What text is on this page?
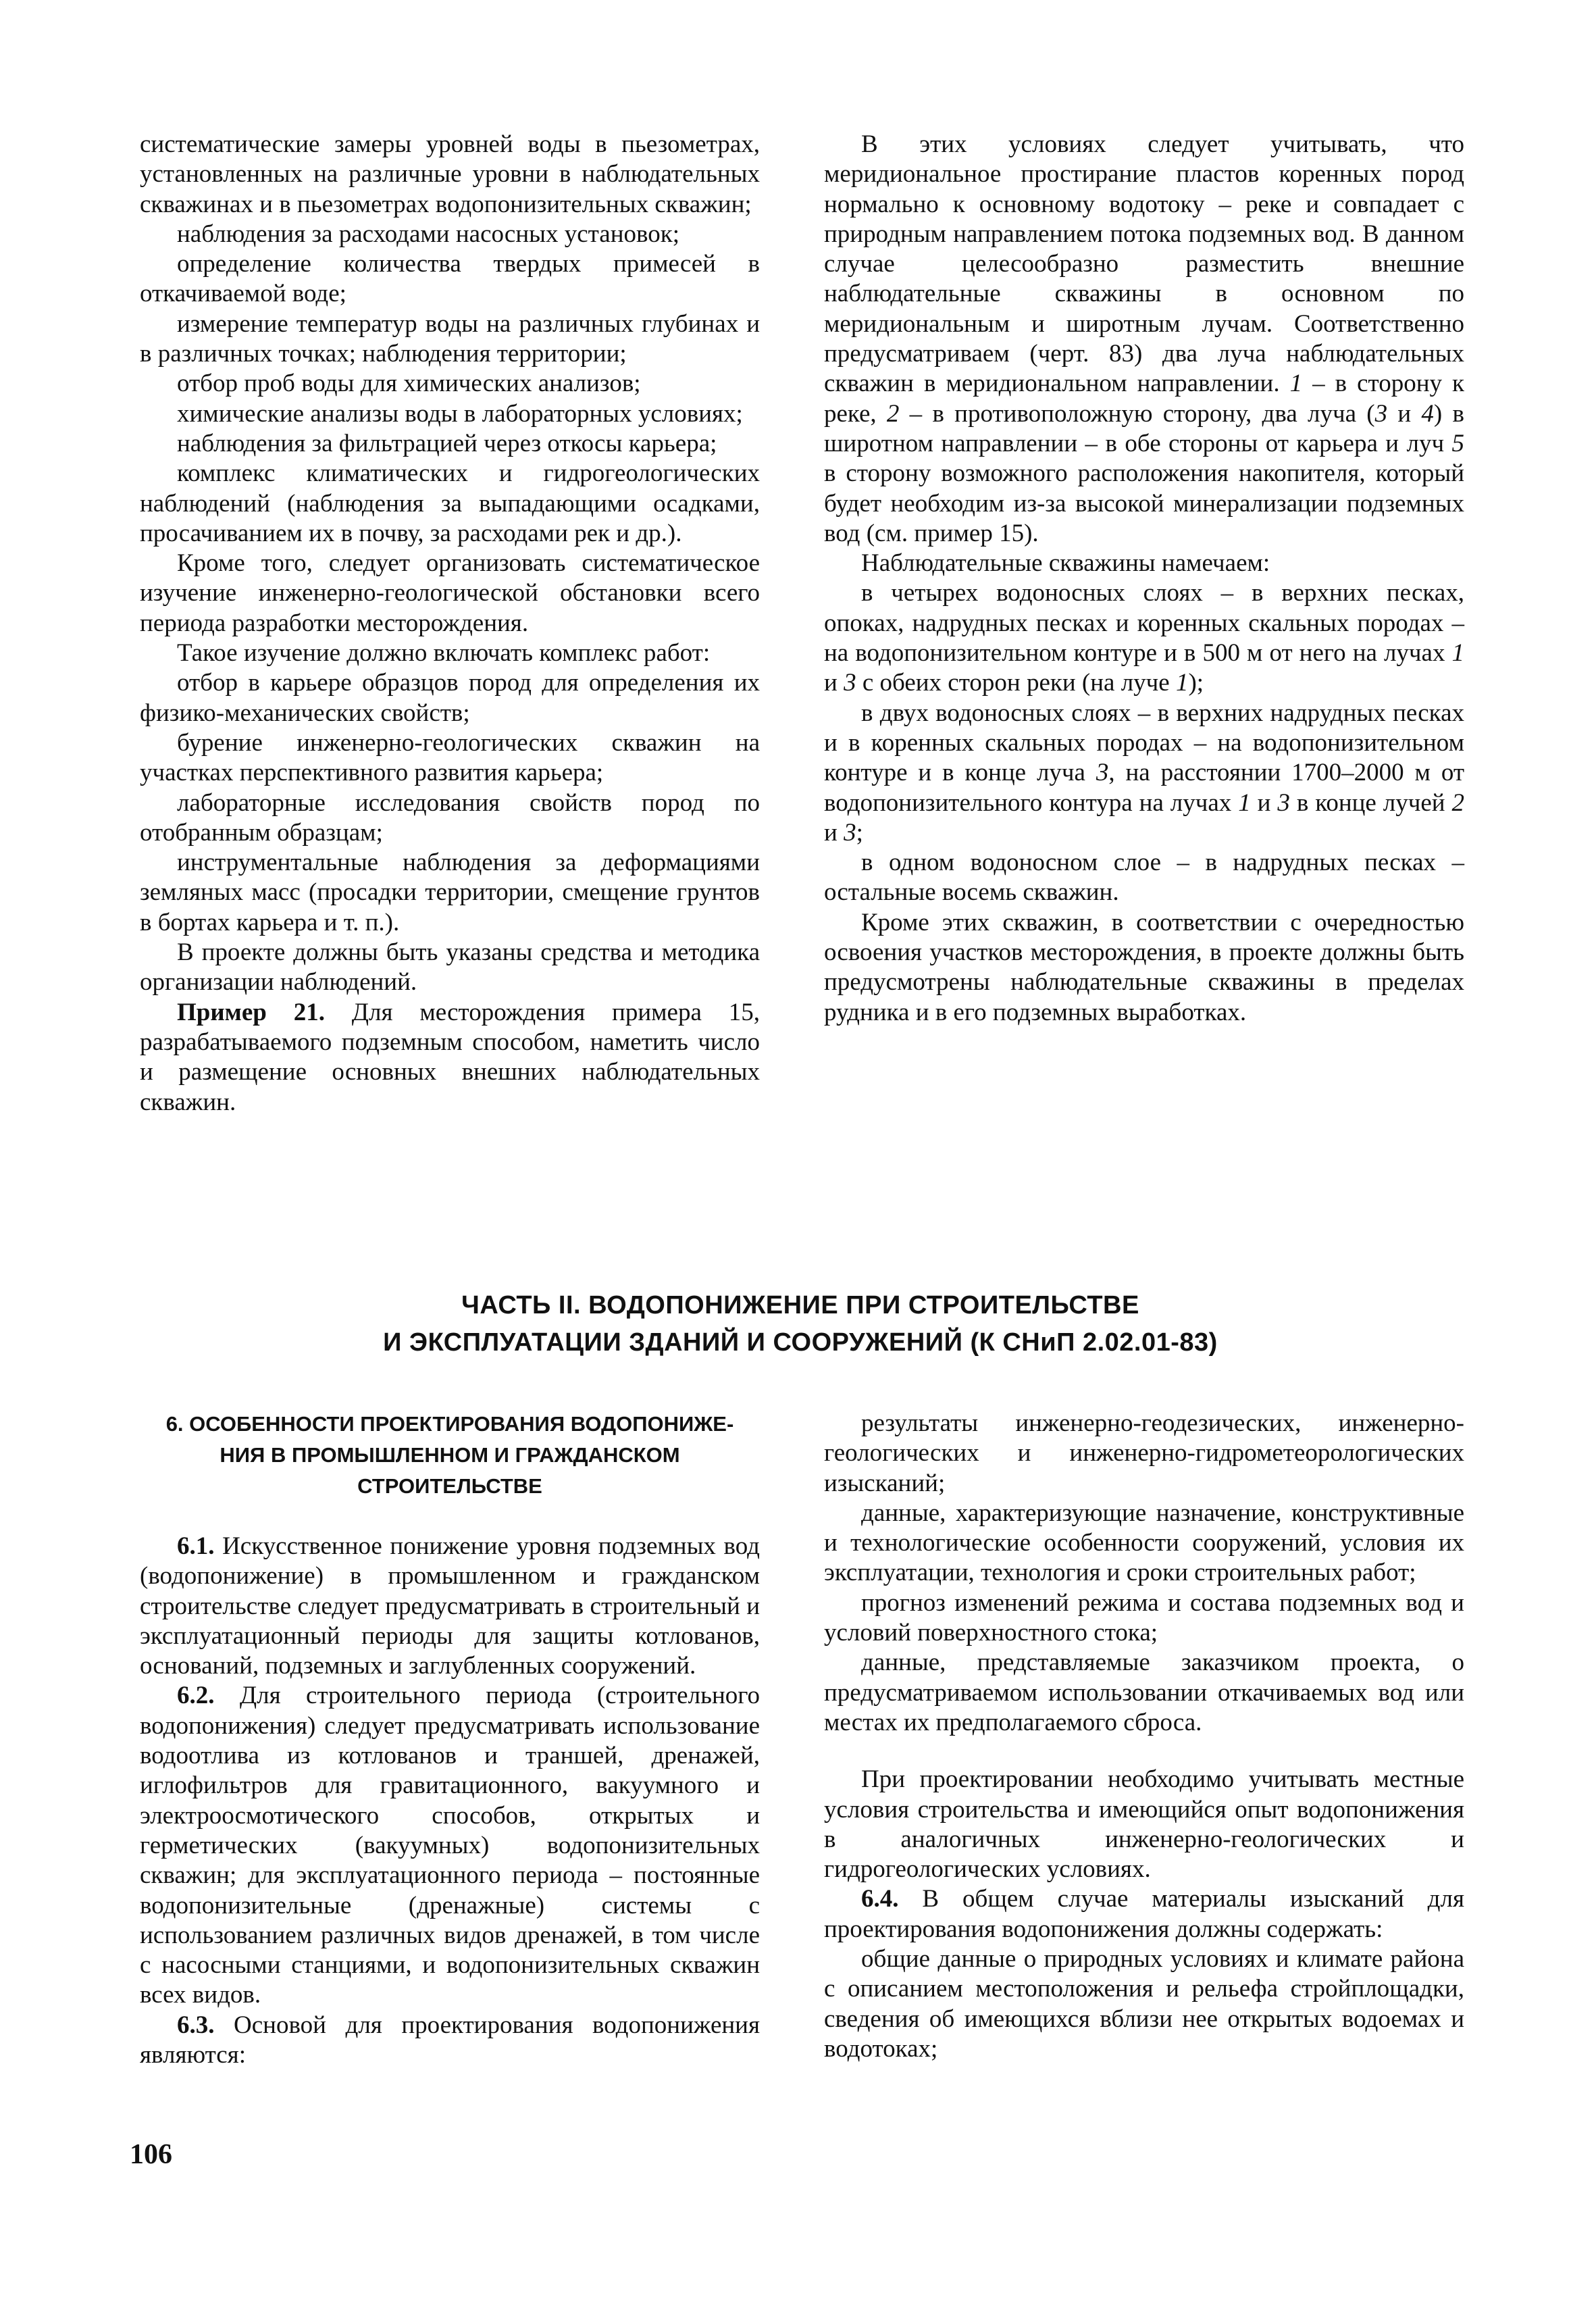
систематические замеры уровней воды в пьезометрах, установленных на различные уровни в наблюдательных скважинах и в пьезометрах водопонизительных скважин;

наблюдения за расходами насосных установок;

определение количества твердых примесей в откачиваемой воде;

измерение температур воды на различных глубинах и в различных точках; наблюдения территории;

отбор проб воды для химических анализов;

химические анализы воды в лабораторных условиях;

наблюдения за фильтрацией через откосы карьера;

комплекс климатических и гидрогеологических наблюдений (наблюдения за выпадающими осадками, просачиванием их в почву, за расходами рек и др.).

Кроме того, следует организовать систематическое изучение инженерно-геологической обстановки всего периода разработки месторождения.

Такое изучение должно включать комплекс работ:

отбор в карьере образцов пород для определения их физико-механических свойств;

бурение инженерно-геологических скважин на участках перспективного развития карьера;

лабораторные исследования свойств пород по отобранным образцам;

инструментальные наблюдения за деформациями земляных масс (просадки территории, смещение грунтов в бортах карьера и т. п.).

В проекте должны быть указаны средства и методика организации наблюдений.

Пример 21. Для месторождения примера 15, разрабатываемого подземным способом, наметить число и размещение основных внешних наблюдательных скважин.

В этих условиях следует учитывать, что меридиональное простирание пластов коренных пород нормально к основному водотоку – реке и совпадает с природным направлением потока подземных вод. В данном случае целесообразно разместить внешние наблюдательные скважины в основном по меридиональным и широтным лучам. Соответственно предусматриваем (черт. 83) два луча наблюдательных скважин в меридиональном направлении. 1 – в сторону к реке, 2 – в противоположную сторону, два луча (3 и 4) в широтном направлении – в обе стороны от карьера и луч 5 в сторону возможного расположения накопителя, который будет необходим из-за высокой минерализации подземных вод (см. пример 15).

Наблюдательные скважины намечаем:

в четырех водоносных слоях – в верхних песках, опоках, надрудных песках и коренных скальных породах – на водопонизительном контуре и в 500 м от него на лучах 1 и 3 с обеих сторон реки (на луче 1);

в двух водоносных слоях – в верхних надрудных песках и в коренных скальных породах – на водопонизительном контуре и в конце луча 3, на расстоянии 1700–2000 м от водопонизительного контура на лучах 1 и 3 в конце лучей 2 и 3;

в одном водоносном слое – в надрудных песках – остальные восемь скважин.

Кроме этих скважин, в соответствии с очередностью освоения участков месторождения, в проекте должны быть предусмотрены наблюдательные скважины в пределах рудника и в его подземных выработках.

ЧАСТЬ II. ВОДОПОНИЖЕНИЕ ПРИ СТРОИТЕЛЬСТВЕ
И ЭКСПЛУАТАЦИИ ЗДАНИЙ И СООРУЖЕНИЙ (К СНиП 2.02.01-83)
6. ОСОБЕННОСТИ ПРОЕКТИРОВАНИЯ ВОДОПОНИЖЕ-
НИЯ В ПРОМЫШЛЕННОМ И ГРАЖДАНСКОМ
СТРОИТЕЛЬСТВЕ

6.1. Искусственное понижение уровня подземных вод (водопонижение) в промышленном и гражданском строительстве следует предусматривать в строительный и эксплуатационный периоды для защиты котлованов, оснований, подземных и заглубленных сооружений.

6.2. Для строительного периода (строительного водопонижения) следует предусматривать использование водоотлива из котлованов и траншей, дренажей, иглофильтров для гравитационного, вакуумного и электроосмотического способов, открытых и герметических (вакуумных) водопонизительных скважин; для эксплуатационного периода – постоянные водопонизительные (дренажные) системы с использованием различных видов дренажей, в том числе с насосными станциями, и водопонизительных скважин всех видов.

6.3. Основой для проектирования водопонижения являются:

результаты инженерно-геодезических, инженерно-геологических и инженерно-гидрометеорологических изысканий;

данные, характеризующие назначение, конструктивные и технологические особенности сооружений, условия их эксплуатации, технология и сроки строительных работ;

прогноз изменений режима и состава подземных вод и условий поверхностного стока;

данные, представляемые заказчиком проекта, о предусматриваемом использовании откачиваемых вод или местах их предполагаемого сброса.

При проектировании необходимо учитывать местные условия строительства и имеющийся опыт водопонижения в аналогичных инженерно-геологических и гидрогеологических условиях.

6.4. В общем случае материалы изысканий для проектирования водопонижения должны содержать:

общие данные о природных условиях и климате района с описанием местоположения и рельефа стройплощадки, сведения об имеющихся вблизи нее открытых водоемах и водотоках;

106
